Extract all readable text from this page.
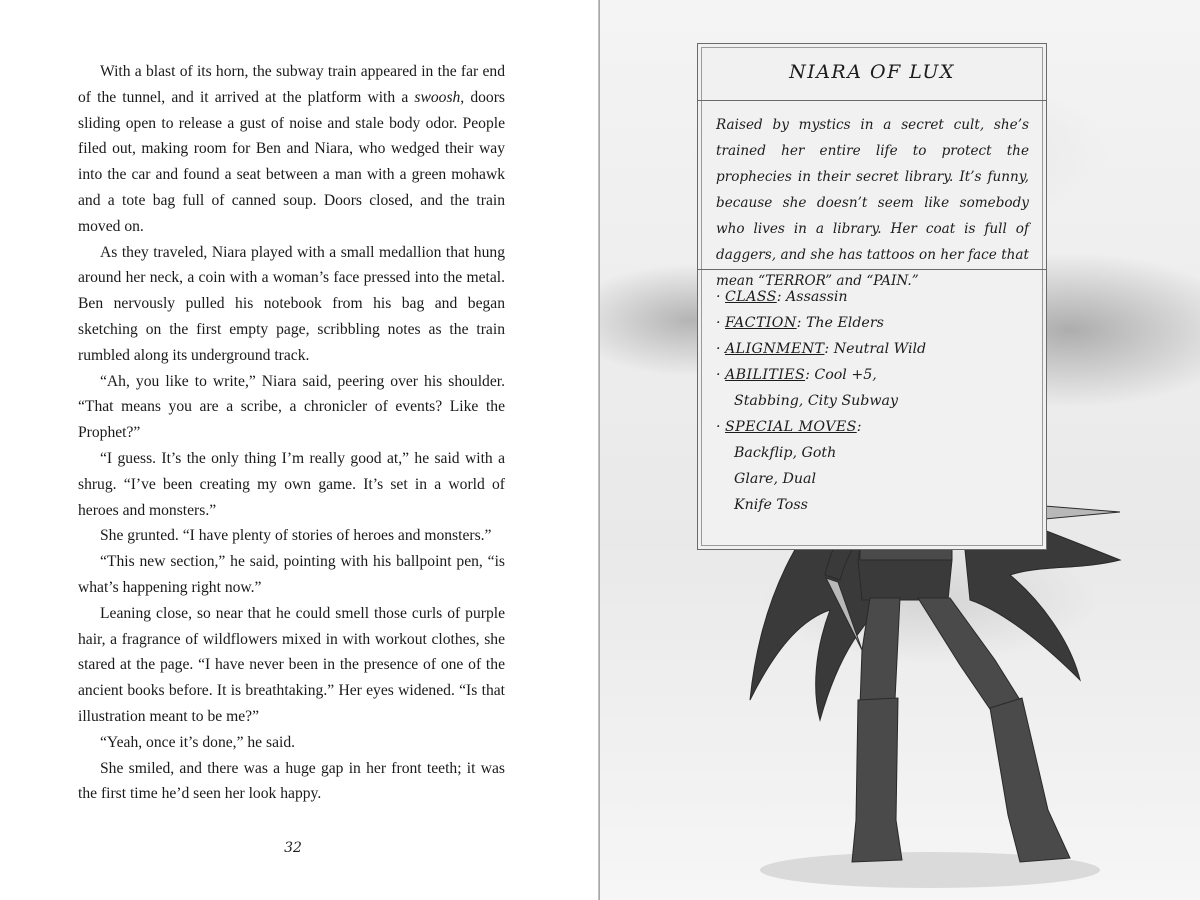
With a blast of its horn, the subway train appeared in the far end of the tunnel, and it arrived at the platform with a swoosh, doors sliding open to release a gust of noise and stale body odor. People filed out, making room for Ben and Niara, who wedged their way into the car and found a seat between a man with a green mohawk and a tote bag full of canned soup. Doors closed, and the train moved on.

As they traveled, Niara played with a small medallion that hung around her neck, a coin with a woman’s face pressed into the metal. Ben nervously pulled his notebook from his bag and began sketching on the first empty page, scribbling notes as the train rumbled along its underground track.

“Ah, you like to write,” Niara said, peering over his shoulder. “That means you are a scribe, a chronicler of events? Like the Prophet?”

“I guess. It’s the only thing I’m really good at,” he said with a shrug. “I’ve been creating my own game. It’s set in a world of heroes and monsters.”

She grunted. “I have plenty of stories of heroes and monsters.”

“This new section,” he said, pointing with his ballpoint pen, “is what’s happening right now.”

Leaning close, so near that he could smell those curls of purple hair, a fragrance of wildflowers mixed in with workout clothes, she stared at the page. “I have never been in the presence of one of the ancient books before. It is breathtaking.” Her eyes widened. “Is that illustration meant to be me?”

“Yeah, once it’s done,” he said.

She smiled, and there was a huge gap in her front teeth; it was the first time he’d seen her look happy.

32
NIARA OF LUX
Raised by mystics in a secret cult, she’s trained her entire life to protect the prophecies in their secret library. It’s funny, because she doesn’t seem like somebody who lives in a library. Her coat is full of daggers, and she has tattoos on her face that mean “TERROR” and “PAIN.”
· CLASS: Assassin
· FACTION: The Elders
· ALIGNMENT: Neutral Wild
· ABILITIES: Cool +5,
Stabbing, City Subway
· SPECIAL MOVES:
Backflip, Goth
Glare, Dual
Knife Toss
